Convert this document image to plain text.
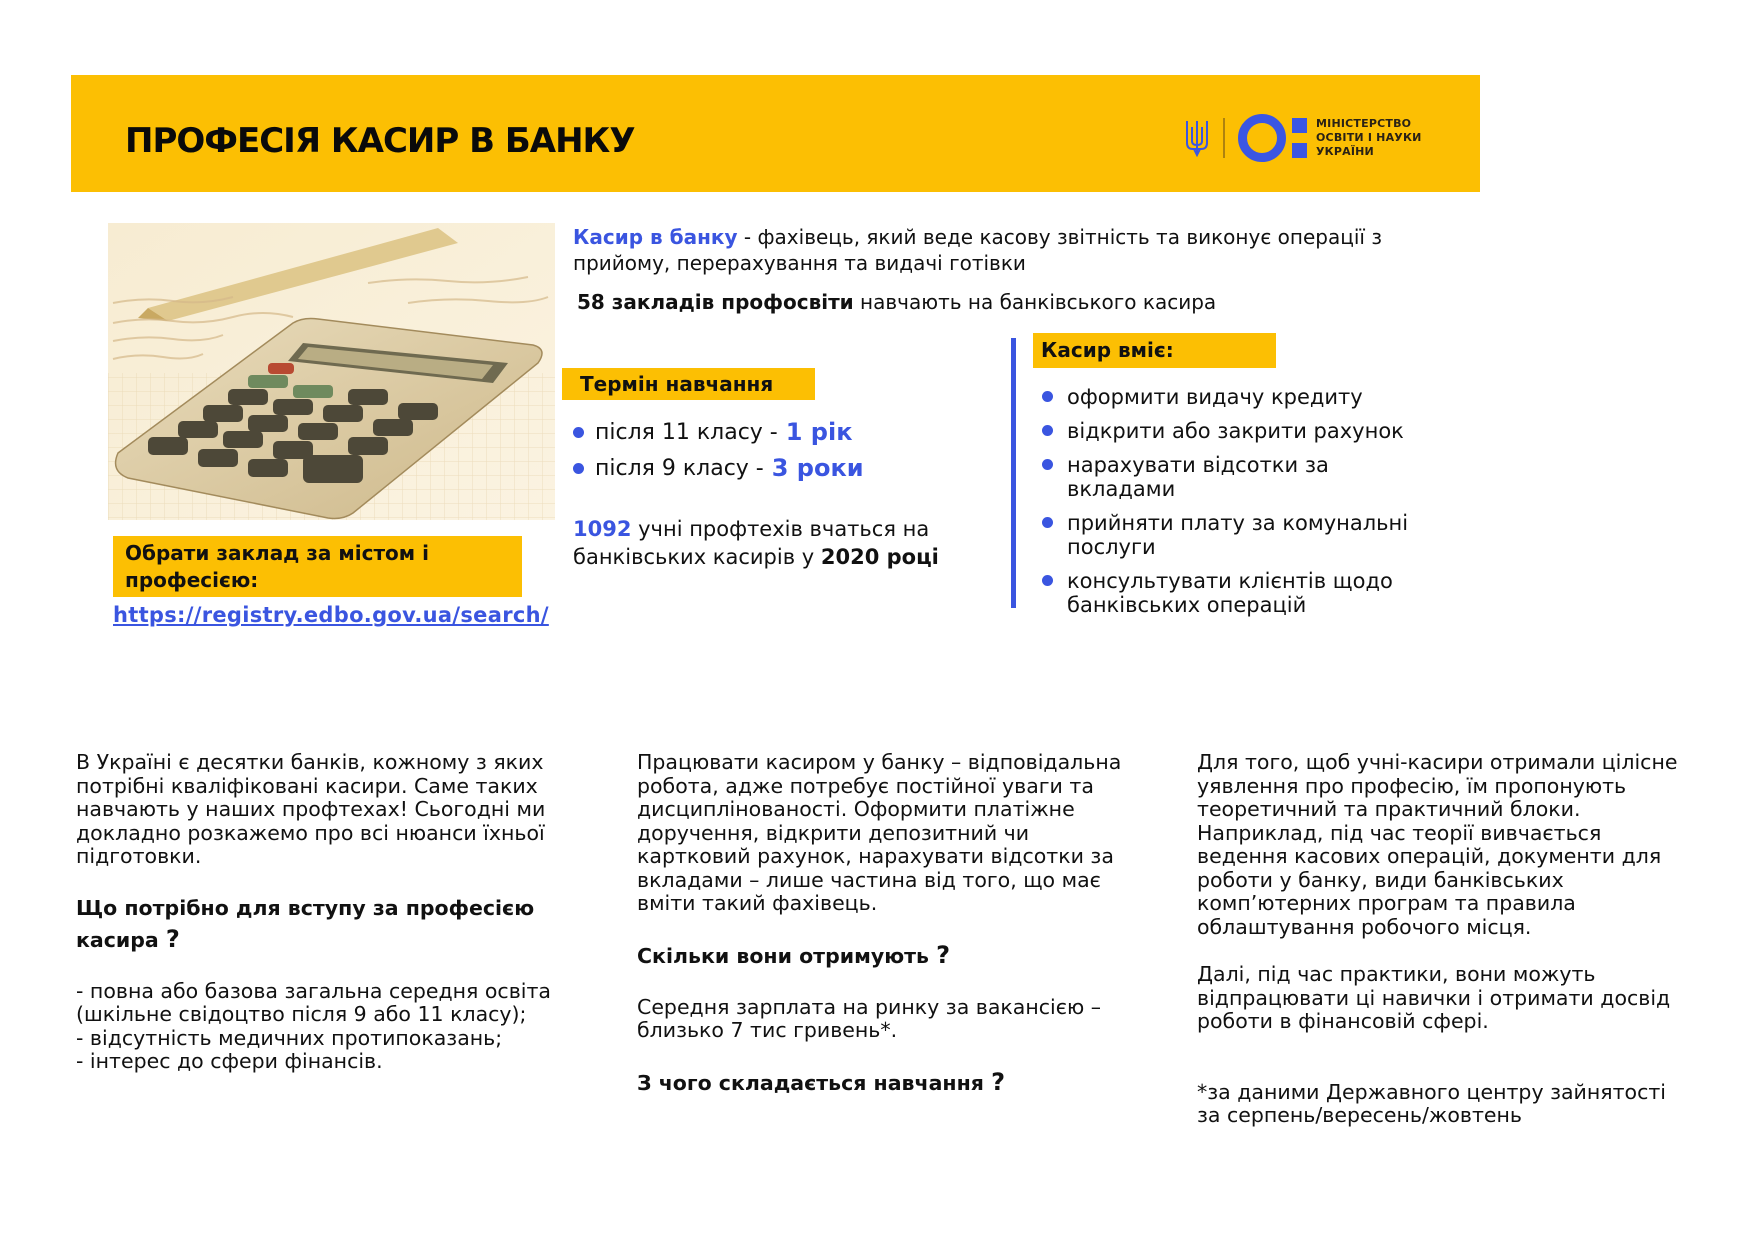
ПРОФЕСІЯ КАСИР В БАНКУ	МІНІСТЕРСТВО
ОСВІТИ І НАУКИ
УКРАЇНИ
Касир в банку - фахівець, який веде касову звітність та виконує операції з прийому, перерахування та видачі готівки
58 закладів профосвіти навчають на банківського касира
Термін навчання
після 11 класу - 1 рік
після 9 класу - 3 роки
1092 учні профтехів вчаться на банківських касирів у 2020 році
Обрати заклад за містом і професією:
https://registry.edbo.gov.ua/search/
Касир вміє:
оформити видачу кредиту
відкрити або закрити рахунок
нарахувати відсотки за вкладами
прийняти плату за комунальні послуги
консультувати клієнтів щодо банківських операцій

В Україні є десятки банків, кожному з яких потрібні кваліфіковані касири. Саме таких навчають у наших профтехах! Сьогодні ми докладно розкажемо про всі нюанси їхньої підготовки.

Що потрібно для вступу за професією касира ?

- повна або базова загальна середня освіта (шкільне свідоцтво після 9 або 11 класу);

- відсутність медичних протипоказань;

- інтерес до сфери фінансів.

Працювати касиром у банку – відповідальна робота, адже потребує постійної уваги та дисциплінованості. Оформити платіжне доручення, відкрити депозитний чи картковий рахунок, нарахувати відсотки за вкладами – лише частина від того, що має вміти такий фахівець.

Скільки вони отримують ?

Середня зарплата на ринку за вакансією – близько 7 тис гривень*.

З чого складається навчання ?

Для того, щоб учні-касири отримали цілісне уявлення про професію, їм пропонують теоретичний та практичний блоки. Наприклад, під час теорії вивчається ведення касових операцій, документи для роботи у банку, види банківських комп’ютерних програм та правила облаштування робочого місця.

Далі, під час практики, вони можуть відпрацювати ці навички і отримати досвід роботи в фінансовій сфері.

*за даними Державного центру зайнятості за серпень/вересень/жовтень
